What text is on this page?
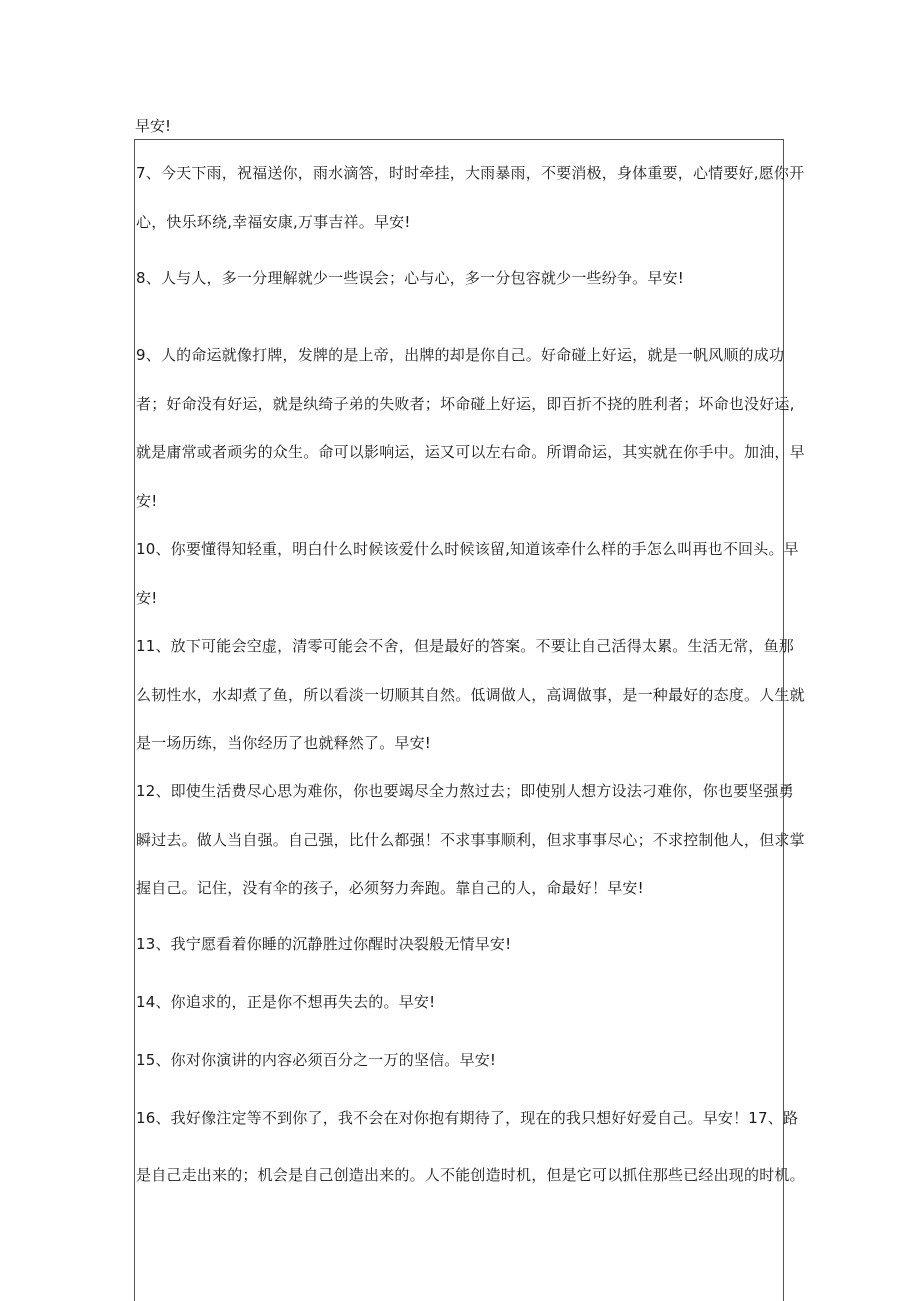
早安!
7、今天下雨，祝福送你，雨水滴答，时时牵挂，大雨暴雨，不要消极，身体重要，心情要好,愿你开
心，快乐环绕,幸福安康,万事吉祥。早安!
8、人与人，多一分理解就少一些误会；心与心，多一分包容就少一些纷争。早安!
9、人的命运就像打牌，发牌的是上帝，出牌的却是你自己。好命碰上好运，就是一帆风顺的成功
者；好命没有好运，就是纨绮子弟的失败者；坏命碰上好运，即百折不挠的胜利者；坏命也没好运,
就是庸常或者顽劣的众生。命可以影响运，运又可以左右命。所谓命运，其实就在你手中。加油，早
安!
10、你要懂得知轻重，明白什么时候该爱什么时候该留,知道该牵什么样的手怎么叫再也不回头。早
安!
11、放下可能会空虚，清零可能会不舍，但是最好的答案。不要让自己活得太累。生活无常，鱼那
么韧性水，水却煮了鱼，所以看淡一切顺其自然。低调做人，高调做事，是一种最好的态度。人生就
是一场历练，当你经历了也就释然了。早安!
12、即使生活费尽心思为难你，你也要竭尽全力熬过去；即使别人想方设法刁难你，你也要坚强勇
瞬过去。做人当自强。自己强，比什么都强！不求事事顺利，但求事事尽心；不求控制他人，但求掌
握自己。记住，没有伞的孩子，必须努力奔跑。靠自己的人，命最好！早安!
13、我宁愿看着你睡的沉静胜过你醒时决裂般无情早安!
14、你追求的，正是你不想再失去的。早安!
15、你对你演讲的内容必须百分之一万的坚信。早安!
16、我好像注定等不到你了，我不会在对你抱有期待了，现在的我只想好好爱自己。早安！17、路
是自己走出来的；机会是自己创造出来的。人不能创造时机，但是它可以抓住那些已经出现的时机。
